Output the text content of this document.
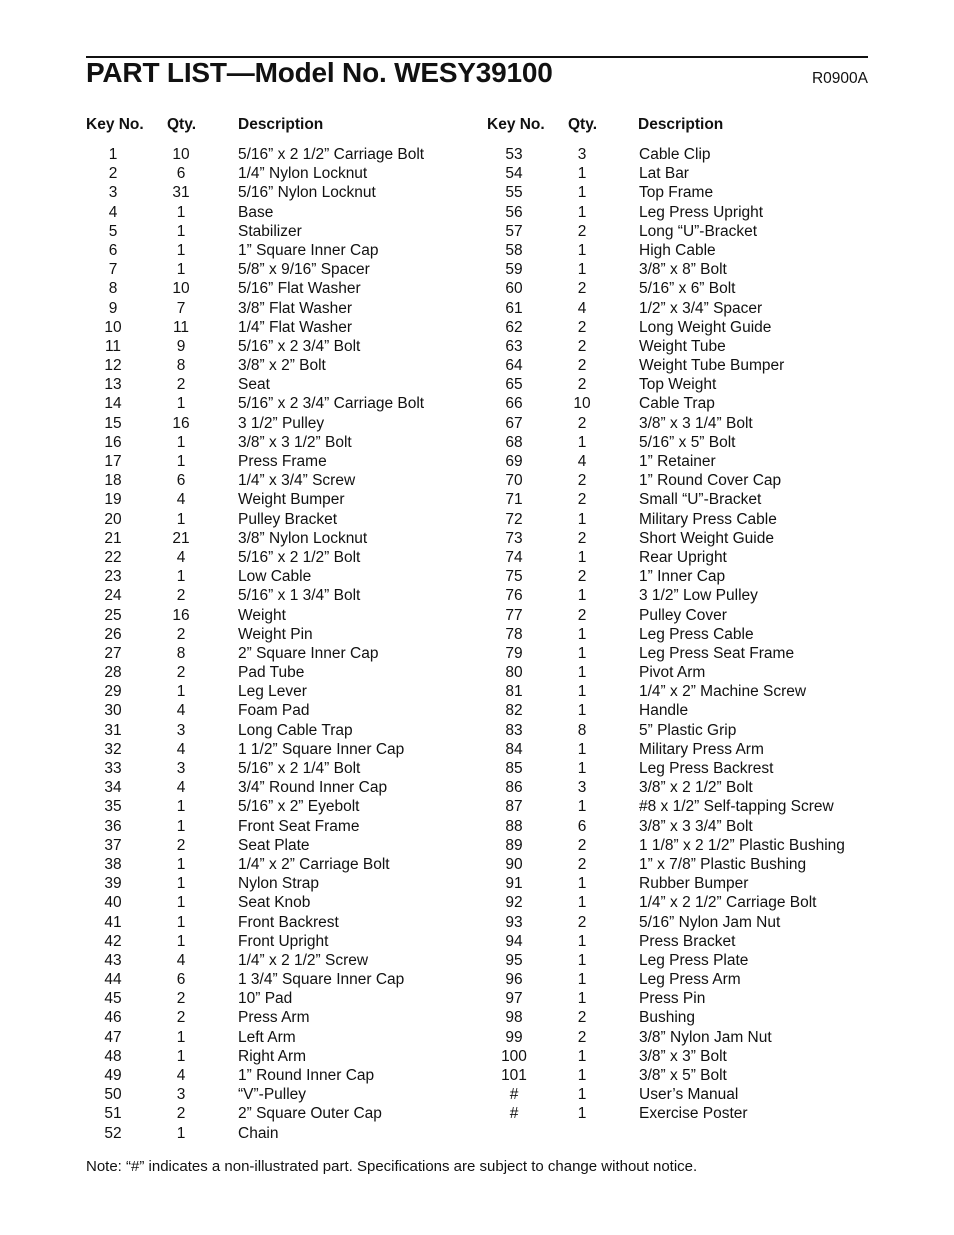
PART LIST—Model No. WESY39100	R0900A
Key No. Qty.	Description	Key No. Qty.	Description
1	10	5/16” x 2 1/2” Carriage Bolt
2	6	1/4” Nylon Locknut
3	31	5/16” Nylon Locknut
4	1	Base
5	1	Stabilizer
6	1	1” Square Inner Cap
7	1	5/8” x 9/16” Spacer
8	10	5/16” Flat Washer
9	7	3/8” Flat Washer
10	11	1/4” Flat Washer
11	9	5/16” x 2 3/4” Bolt
12	8	3/8” x 2” Bolt
13	2	Seat
14	1	5/16” x 2 3/4” Carriage Bolt
15	16	3 1/2” Pulley
16	1	3/8” x 3 1/2” Bolt
17	1	Press Frame
18	6	1/4” x 3/4” Screw
19	4	Weight Bumper
20	1	Pulley Bracket
21	21	3/8” Nylon Locknut
22	4	5/16” x 2 1/2” Bolt
23	1	Low Cable
24	2	5/16” x 1 3/4” Bolt
25	16	Weight
26	2	Weight Pin
27	8	2” Square Inner Cap
28	2	Pad Tube
29	1	Leg Lever
30	4	Foam Pad
31	3	Long Cable Trap
32	4	1 1/2” Square Inner Cap
33	3	5/16” x 2 1/4” Bolt
34	4	3/4” Round Inner Cap
35	1	5/16” x 2” Eyebolt
36	1	Front Seat Frame
37	2	Seat Plate
38	1	1/4” x 2” Carriage Bolt
39	1	Nylon Strap
40	1	Seat Knob
41	1	Front Backrest
42	1	Front Upright
43	4	1/4” x 2 1/2” Screw
44	6	1 3/4” Square Inner Cap
45	2	10” Pad
46	2	Press Arm
47	1	Left Arm
48	1	Right Arm
49	4	1” Round Inner Cap
50	3	“V”-Pulley
51	2	2” Square Outer Cap
52	1	Chain
53	3	Cable Clip
54	1	Lat Bar
55	1	Top Frame
56	1	Leg Press Upright
57	2	Long “U”-Bracket
58	1	High Cable
59	1	3/8” x 8” Bolt
60	2	5/16” x 6” Bolt
61	4	1/2” x 3/4” Spacer
62	2	Long Weight Guide
63	2	Weight Tube
64	2	Weight Tube Bumper
65	2	Top Weight
66	10	Cable Trap
67	2	3/8” x 3 1/4” Bolt
68	1	5/16” x 5” Bolt
69	4	1” Retainer
70	2	1” Round Cover Cap
71	2	Small “U”-Bracket
72	1	Military Press Cable
73	2	Short Weight Guide
74	1	Rear Upright
75	2	1” Inner Cap
76	1	3 1/2” Low Pulley
77	2	Pulley Cover
78	1	Leg Press Cable
79	1	Leg Press Seat Frame
80	1	Pivot Arm
81	1	1/4” x 2” Machine Screw
82	1	Handle
83	8	5” Plastic Grip
84	1	Military Press Arm
85	1	Leg Press Backrest
86	3	3/8” x 2 1/2” Bolt
87	1	#8 x 1/2” Self-tapping Screw
88	6	3/8” x 3 3/4” Bolt
89	2	1 1/8” x 2 1/2” Plastic Bushing
90	2	1” x 7/8” Plastic Bushing
91	1	Rubber Bumper
92	1	1/4” x 2 1/2” Carriage Bolt
93	2	5/16” Nylon Jam Nut
94	1	Press Bracket
95	1	Leg Press Plate
96	1	Leg Press Arm
97	1	Press Pin
98	2	Bushing
99	2	3/8” Nylon Jam Nut
100	1	3/8” x 3” Bolt
101	1	3/8” x 5” Bolt
#	1	User’s Manual
#	1	Exercise Poster
Note: “#” indicates a non-illustrated part. Specifications are subject to change without notice.
